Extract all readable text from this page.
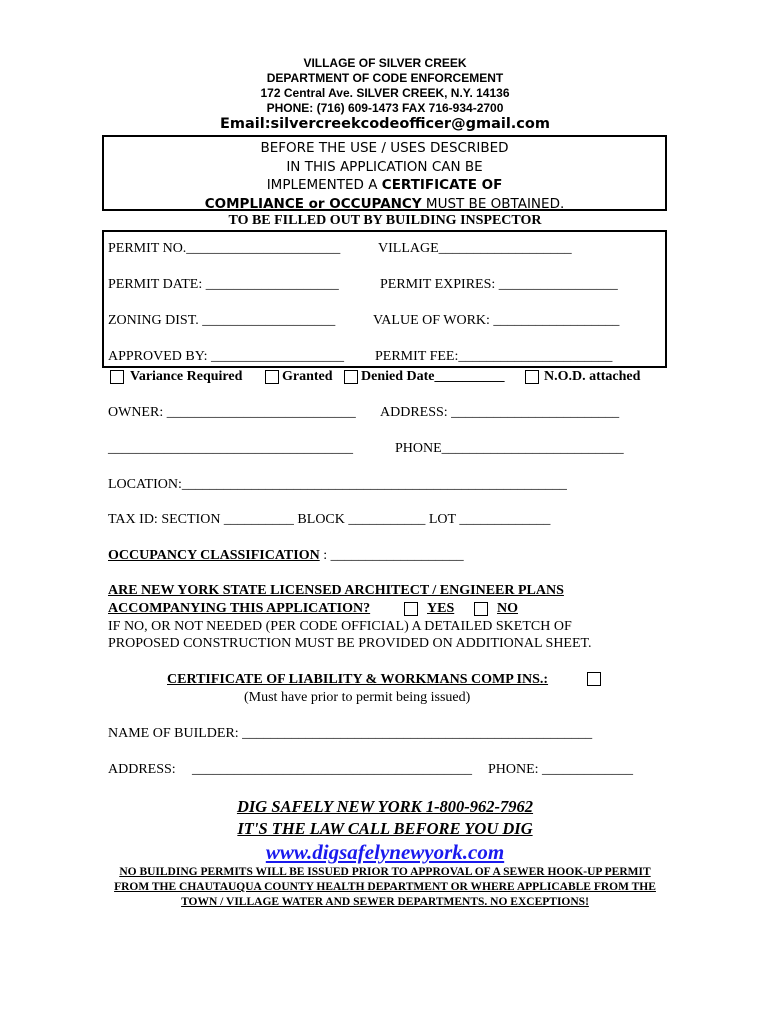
VILLAGE OF SILVER CREEK
DEPARTMENT OF CODE ENFORCEMENT
172 Central Ave. SILVER CREEK, N.Y. 14136
PHONE: (716) 609-1473 FAX 716-934-2700
Email:silvercreekcodeofficer@gmail.com
BEFORE THE USE / USES DESCRIBED
IN THIS APPLICATION CAN BE
IMPLEMENTED A CERTIFICATE OF
COMPLIANCE or OCCUPANCY MUST BE OBTAINED.
TO BE FILLED OUT BY BUILDING INSPECTOR
PERMIT NO.______________________	VILLAGE___________________
PERMIT DATE: ___________________	PERMIT EXPIRES: _________________
ZONING DIST. ___________________	VALUE OF WORK: __________________
APPROVED BY: ___________________ PERMIT FEE:______________________
Variance Required	Granted Denied Date__________	N.O.D. attached
OWNER: ___________________________ ADDRESS: ________________________
___________________________________	PHONE__________________________
LOCATION:_______________________________________________________
TAX ID: SECTION __________ BLOCK ___________ LOT _____________
OCCUPANCY CLASSIFICATION : ___________________
ARE NEW YORK STATE LICENSED ARCHITECT / ENGINEER PLANS
ACCOMPANYING THIS APPLICATION?	YES	NO
IF NO, OR NOT NEEDED (PER CODE OFFICIAL) A DETAILED SKETCH OF
PROPOSED CONSTRUCTION MUST BE PROVIDED ON ADDITIONAL SHEET.
CERTIFICATE OF LIABILITY & WORKMANS COMP INS.:
(Must have prior to permit being issued)
NAME OF BUILDER: __________________________________________________
ADDRESS: ________________________________________ PHONE: _____________
DIG SAFELY NEW YORK 1-800-962-7962
IT'S THE LAW CALL BEFORE YOU DIG
www.digsafelynewyork.com
NO BUILDING PERMITS WILL BE ISSUED PRIOR TO APPROVAL OF A SEWER HOOK-UP PERMIT FROM THE CHAUTAUQUA COUNTY HEALTH DEPARTMENT OR WHERE APPLICABLE FROM THE TOWN / VILLAGE WATER AND SEWER DEPARTMENTS. NO EXCEPTIONS!
